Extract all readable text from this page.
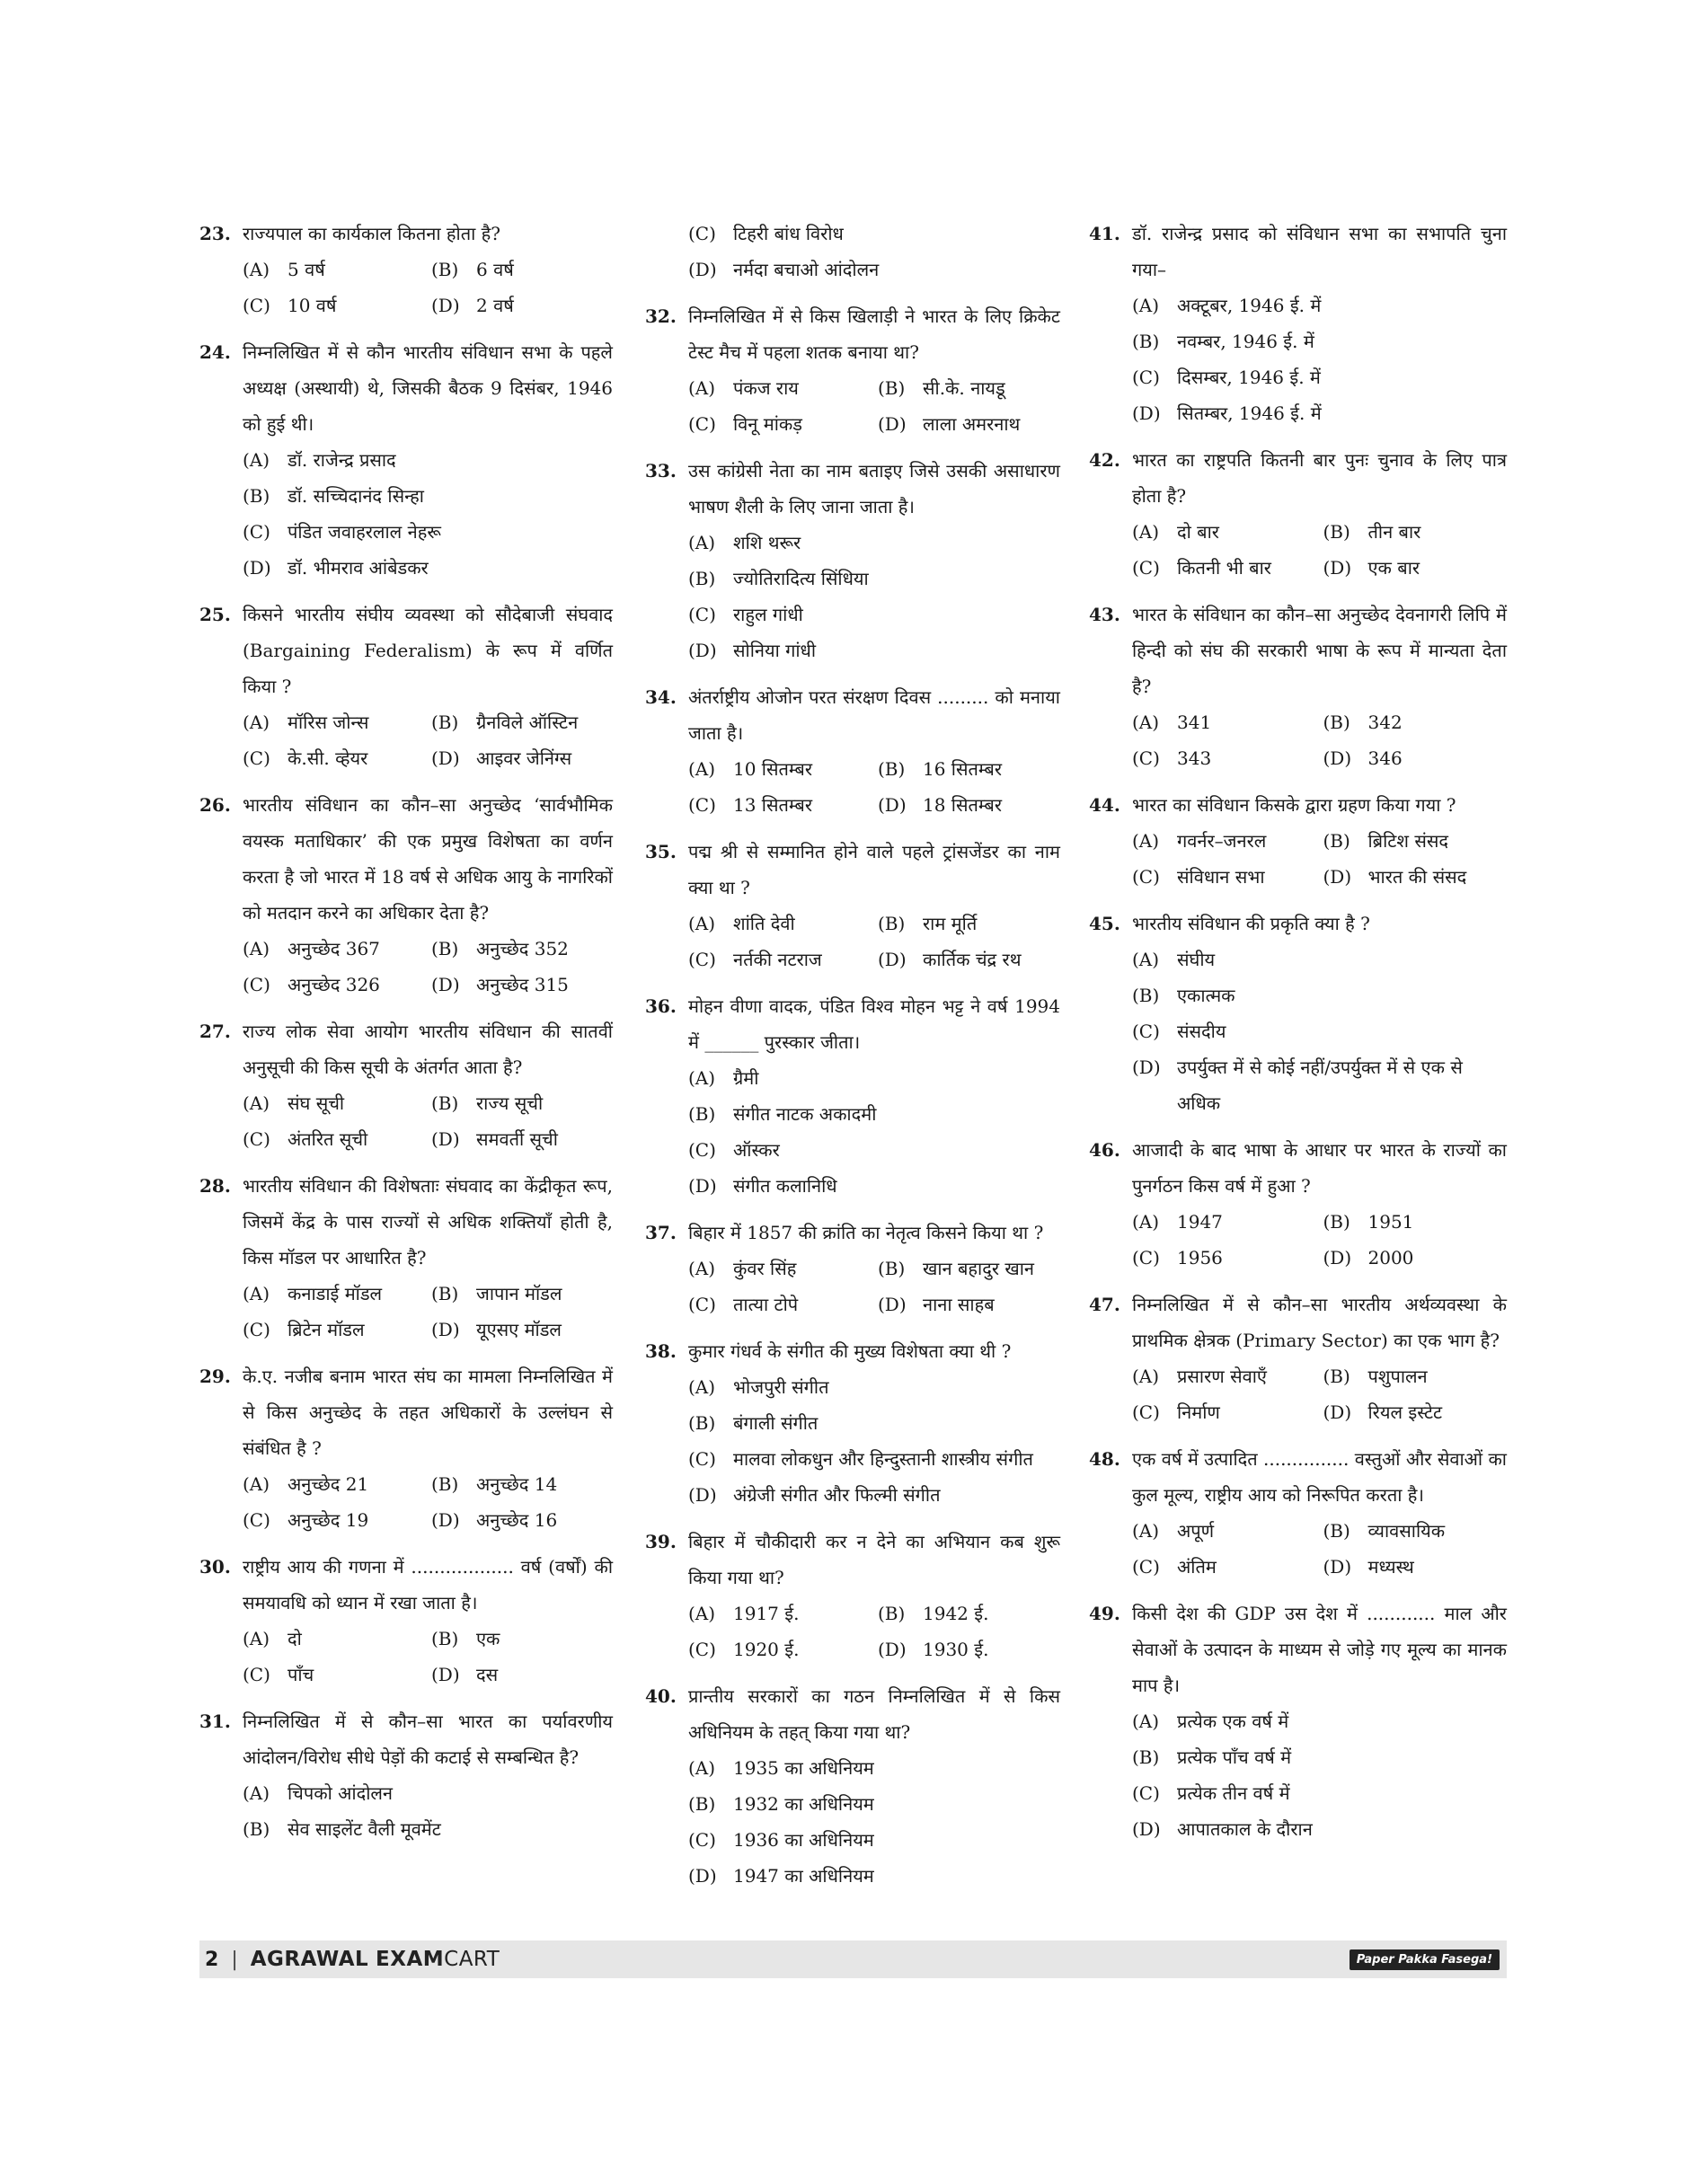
23. राज्यपाल का कार्यकाल कितना होता है?
(A) 5 वर्ष	(B) 6 वर्ष
(C) 10 वर्ष	(D) 2 वर्ष
24. निम्नलिखित में से कौन भारतीय संविधान सभा के पहले अध्यक्ष (अस्थायी) थे, जिसकी बैठक 9 दिसंबर, 1946 को हुई थी।
(A) डॉ. राजेन्द्र प्रसाद
(B) डॉ. सच्चिदानंद सिन्हा
(C) पंडित जवाहरलाल नेहरू
(D) डॉ. भीमराव आंबेडकर
25. किसने भारतीय संघीय व्यवस्था को सौदेबाजी संघवाद (Bargaining Federalism) के रूप में वर्णित किया ?
(A) मॉरिस जोन्स	(B) ग्रैनविले ऑस्टिन
(C) के.सी. व्हेयर	(D) आइवर जेनिंग्स
26. भारतीय संविधान का कौन–सा अनुच्छेद ‘सार्वभौमिक वयस्क मताधिकार’ की एक प्रमुख विशेषता का वर्णन करता है जो भारत में 18 वर्ष से अधिक आयु के नागरिकों को मतदान करने का अधिकार देता है?
(A) अनुच्छेद 367	(B) अनुच्छेद 352
(C) अनुच्छेद 326	(D) अनुच्छेद 315
27. राज्य लोक सेवा आयोग भारतीय संविधान की सातवीं अनुसूची की किस सूची के अंतर्गत आता है?
(A) संघ सूची	(B) राज्य सूची
(C) अंतरित सूची	(D) समवर्ती सूची
28. भारतीय संविधान की विशेषताः संघवाद का केंद्रीकृत रूप, जिसमें केंद्र के पास राज्यों से अधिक शक्तियाँ होती है, किस मॉडल पर आधारित है?
(A) कनाडाई मॉडल	(B) जापान मॉडल
(C) ब्रिटेन मॉडल	(D) यूएसए मॉडल
29. के.ए. नजीब बनाम भारत संघ का मामला निम्नलिखित में से किस अनुच्छेद के तहत अधिकारों के उल्लंघन से संबंधित है ?
(A) अनुच्छेद 21	(B) अनुच्छेद 14
(C) अनुच्छेद 19	(D) अनुच्छेद 16
30. राष्ट्रीय आय की गणना में .................. वर्ष (वर्षों) की समयावधि को ध्यान में रखा जाता है।
(A) दो	(B) एक
(C) पाँच	(D) दस
31. निम्नलिखित में से कौन–सा भारत का पर्यावरणीय आंदोलन/विरोध सीधे पेड़ों की कटाई से सम्बन्धित है?
(A) चिपको आंदोलन
(B) सेव साइलेंट वैली मूवमेंट
(C) टिहरी बांध विरोध
(D) नर्मदा बचाओ आंदोलन
32. निम्नलिखित में से किस खिलाड़ी ने भारत के लिए क्रिकेट टेस्ट मैच में पहला शतक बनाया था?
(A) पंकज राय	(B) सी.के. नायडू
(C) विनू मांकड़	(D) लाला अमरनाथ
33. उस कांग्रेसी नेता का नाम बताइए जिसे उसकी असाधारण भाषण शैली के लिए जाना जाता है।
(A) शशि थरूर
(B) ज्योतिरादित्य सिंधिया
(C) राहुल गांधी
(D) सोनिया गांधी
34. अंतर्राष्ट्रीय ओजोन परत संरक्षण दिवस ......... को मनाया जाता है।
(A) 10 सितम्बर	(B) 16 सितम्बर
(C) 13 सितम्बर	(D) 18 सितम्बर
35. पद्म श्री से सम्मानित होने वाले पहले ट्रांसजेंडर का नाम क्या था ?
(A) शांति देवी	(B) राम मूर्ति
(C) नर्तकी नटराज	(D) कार्तिक चंद्र रथ
36. मोहन वीणा वादक, पंडित विश्व मोहन भट्ट ने वर्ष 1994 में ______ पुरस्कार जीता।
(A) ग्रैमी
(B) संगीत नाटक अकादमी
(C) ऑस्कर
(D) संगीत कलानिधि
37. बिहार में 1857 की क्रांति का नेतृत्व किसने किया था ?
(A) कुंवर सिंह	(B) खान बहादुर खान
(C) तात्या टोपे	(D) नाना साहब
38. कुमार गंधर्व के संगीत की मुख्य विशेषता क्या थी ?
(A) भोजपुरी संगीत
(B) बंगाली संगीत
(C) मालवा लोकधुन और हिन्दुस्तानी शास्त्रीय संगीत
(D) अंग्रेजी संगीत और फिल्मी संगीत
39. बिहार में चौकीदारी कर न देने का अभियान कब शुरू किया गया था?
(A) 1917 ई.	(B) 1942 ई.
(C) 1920 ई.	(D) 1930 ई.
40. प्रान्तीय सरकारों का गठन निम्नलिखित में से किस अधिनियम के तहत् किया गया था?
(A) 1935 का अधिनियम
(B) 1932 का अधिनियम
(C) 1936 का अधिनियम
(D) 1947 का अधिनियम
41. डॉ. राजेन्द्र प्रसाद को संविधान सभा का सभापति चुना गया–
(A) अक्टूबर, 1946 ई. में
(B) नवम्बर, 1946 ई. में
(C) दिसम्बर, 1946 ई. में
(D) सितम्बर, 1946 ई. में
42. भारत का राष्ट्रपति कितनी बार पुनः चुनाव के लिए पात्र होता है?
(A) दो बार	(B) तीन बार
(C) कितनी भी बार	(D) एक बार
43. भारत के संविधान का कौन–सा अनुच्छेद देवनागरी लिपि में हिन्दी को संघ की सरकारी भाषा के रूप में मान्यता देता है?
(A) 341	(B) 342
(C) 343	(D) 346
44. भारत का संविधान किसके द्वारा ग्रहण किया गया ?
(A) गवर्नर–जनरल	(B) ब्रिटिश संसद
(C) संविधान सभा	(D) भारत की संसद
45. भारतीय संविधान की प्रकृति क्या है ?
(A) संघीय
(B) एकात्मक
(C) संसदीय
(D) उपर्युक्त में से कोई नहीं/उपर्युक्त में से एक से अधिक
46. आजादी के बाद भाषा के आधार पर भारत के राज्यों का पुनर्गठन किस वर्ष में हुआ ?
(A) 1947	(B) 1951
(C) 1956	(D) 2000
47. निम्नलिखित में से कौन–सा भारतीय अर्थव्यवस्था के प्राथमिक क्षेत्रक (Primary Sector) का एक भाग है?
(A) प्रसारण सेवाएँ	(B) पशुपालन
(C) निर्माण	(D) रियल इस्टेट
48. एक वर्ष में उत्पादित ............... वस्तुओं और सेवाओं का कुल मूल्य, राष्ट्रीय आय को निरूपित करता है।
(A) अपूर्ण	(B) व्यावसायिक
(C) अंतिम	(D) मध्यस्थ
49. किसी देश की GDP उस देश में ............ माल और सेवाओं के उत्पादन के माध्यम से जोड़े गए मूल्य का मानक माप है।
(A) प्रत्येक एक वर्ष में
(B) प्रत्येक पाँच वर्ष में
(C) प्रत्येक तीन वर्ष में
(D) आपातकाल के दौरान
2 | AGRAWAL EXAMCART	Paper Pakka Fasega!
